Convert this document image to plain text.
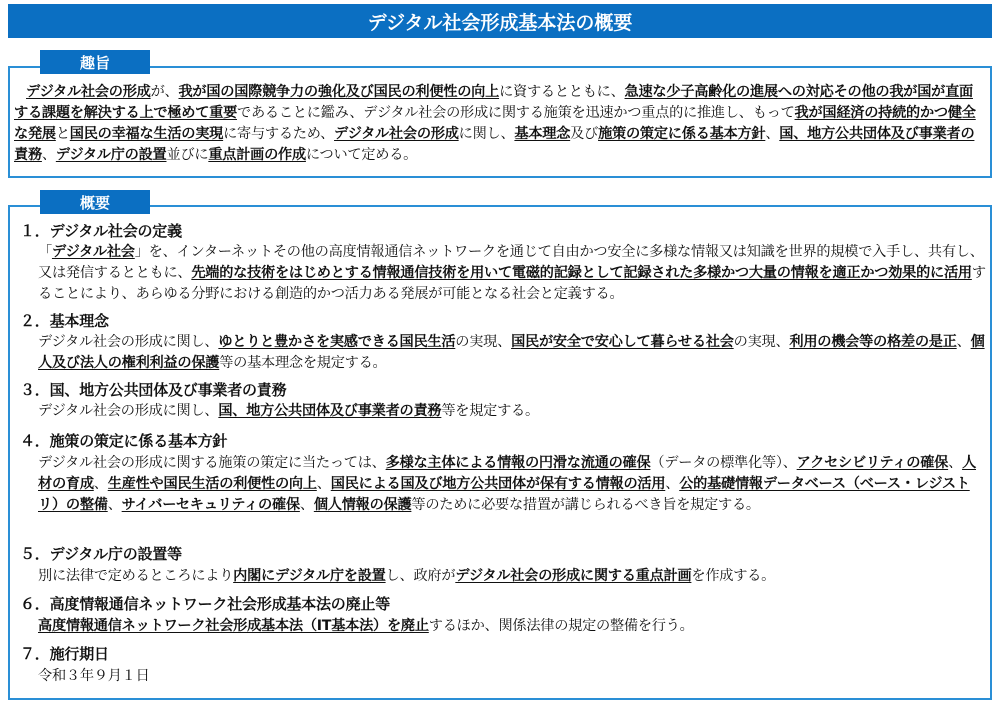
デジタル社会形成基本法の概要
趣旨
デジタル社会の形成が、我が国の国際競争力の強化及び国民の利便性の向上に資するとともに、急速な少子高齢化の進展への対応その他の我が国が直面する課題を解決する上で極めて重要であることに鑑み、デジタル社会の形成に関する施策を迅速かつ重点的に推進し、もって我が国経済の持続的かつ健全な発展と国民の幸福な生活の実現に寄与するため、デジタル社会の形成に関し、基本理念及び施策の策定に係る基本方針、国、地方公共団体及び事業者の責務、デジタル庁の設置並びに重点計画の作成について定める。
概要
１．デジタル社会の定義
「デジタル社会」を、インターネットその他の高度情報通信ネットワークを通じて自由かつ安全に多様な情報又は知識を世界的規模で入手し、共有し、又は発信するとともに、先端的な技術をはじめとする情報通信技術を用いて電磁的記録として記録された多様かつ大量の情報を適正かつ効果的に活用することにより、あらゆる分野における創造的かつ活力ある発展が可能となる社会と定義する。
２．基本理念
デジタル社会の形成に関し、ゆとりと豊かさを実感できる国民生活の実現、国民が安全で安心して暮らせる社会の実現、利用の機会等の格差の是正、個人及び法人の権利利益の保護等の基本理念を規定する。
３．国、地方公共団体及び事業者の責務
デジタル社会の形成に関し、国、地方公共団体及び事業者の責務等を規定する。
４．施策の策定に係る基本方針
デジタル社会の形成に関する施策の策定に当たっては、多様な主体による情報の円滑な流通の確保（データの標準化等）、アクセシビリティの確保、人材の育成、生産性や国民生活の利便性の向上、国民による国及び地方公共団体が保有する情報の活用、公的基礎情報データベース（ベース・レジストリ）の整備、サイバーセキュリティの確保、個人情報の保護等のために必要な措置が講じられるべき旨を規定する。
５．デジタル庁の設置等
別に法律で定めるところにより内閣にデジタル庁を設置し、政府がデジタル社会の形成に関する重点計画を作成する。
６．高度情報通信ネットワーク社会形成基本法の廃止等
高度情報通信ネットワーク社会形成基本法（IT基本法）を廃止するほか、関係法律の規定の整備を行う。
７．施行期日
令和３年９月１日
